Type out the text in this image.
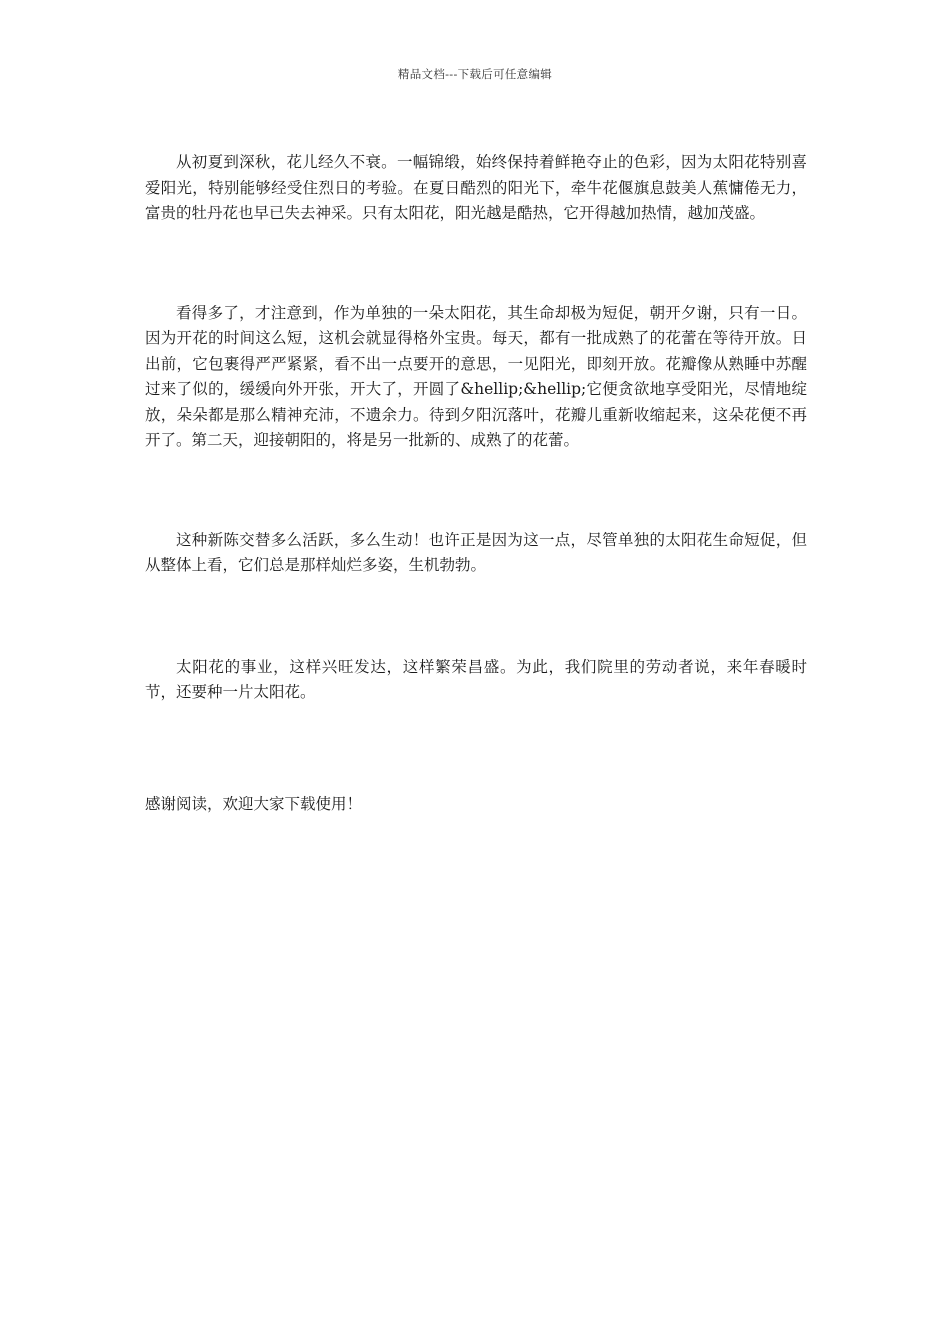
精品文档---下载后可任意编辑

从初夏到深秋，花儿经久不衰。一幅锦缎，始终保持着鲜艳夺止的色彩，因为太阳花特别喜爱阳光，特别能够经受住烈日的考验。在夏日酷烈的阳光下，牵牛花偃旗息鼓美人蕉慵倦无力，富贵的牡丹花也早已失去神采。只有太阳花，阳光越是酷热，它开得越加热情，越加茂盛。

看得多了，才注意到，作为单独的一朵太阳花，其生命却极为短促，朝开夕谢，只有一日。因为开花的时间这么短，这机会就显得格外宝贵。每天，都有一批成熟了的花蕾在等待开放。日出前，它包裹得严严紧紧，看不出一点要开的意思，一见阳光，即刻开放。花瓣像从熟睡中苏醒过来了似的，缓缓向外开张，开大了，开圆了&hellip;&hellip;它便贪欲地享受阳光，尽情地绽放，朵朵都是那么精神充沛，不遗余力。待到夕阳沉落叶，花瓣儿重新收缩起来，这朵花便不再开了。第二天，迎接朝阳的，将是另一批新的、成熟了的花蕾。

这种新陈交替多么活跃，多么生动！也许正是因为这一点，尽管单独的太阳花生命短促，但从整体上看，它们总是那样灿烂多姿，生机勃勃。

太阳花的事业，这样兴旺发达，这样繁荣昌盛。为此，我们院里的劳动者说，来年春暖时节，还要种一片太阳花。

感谢阅读，欢迎大家下载使用！
